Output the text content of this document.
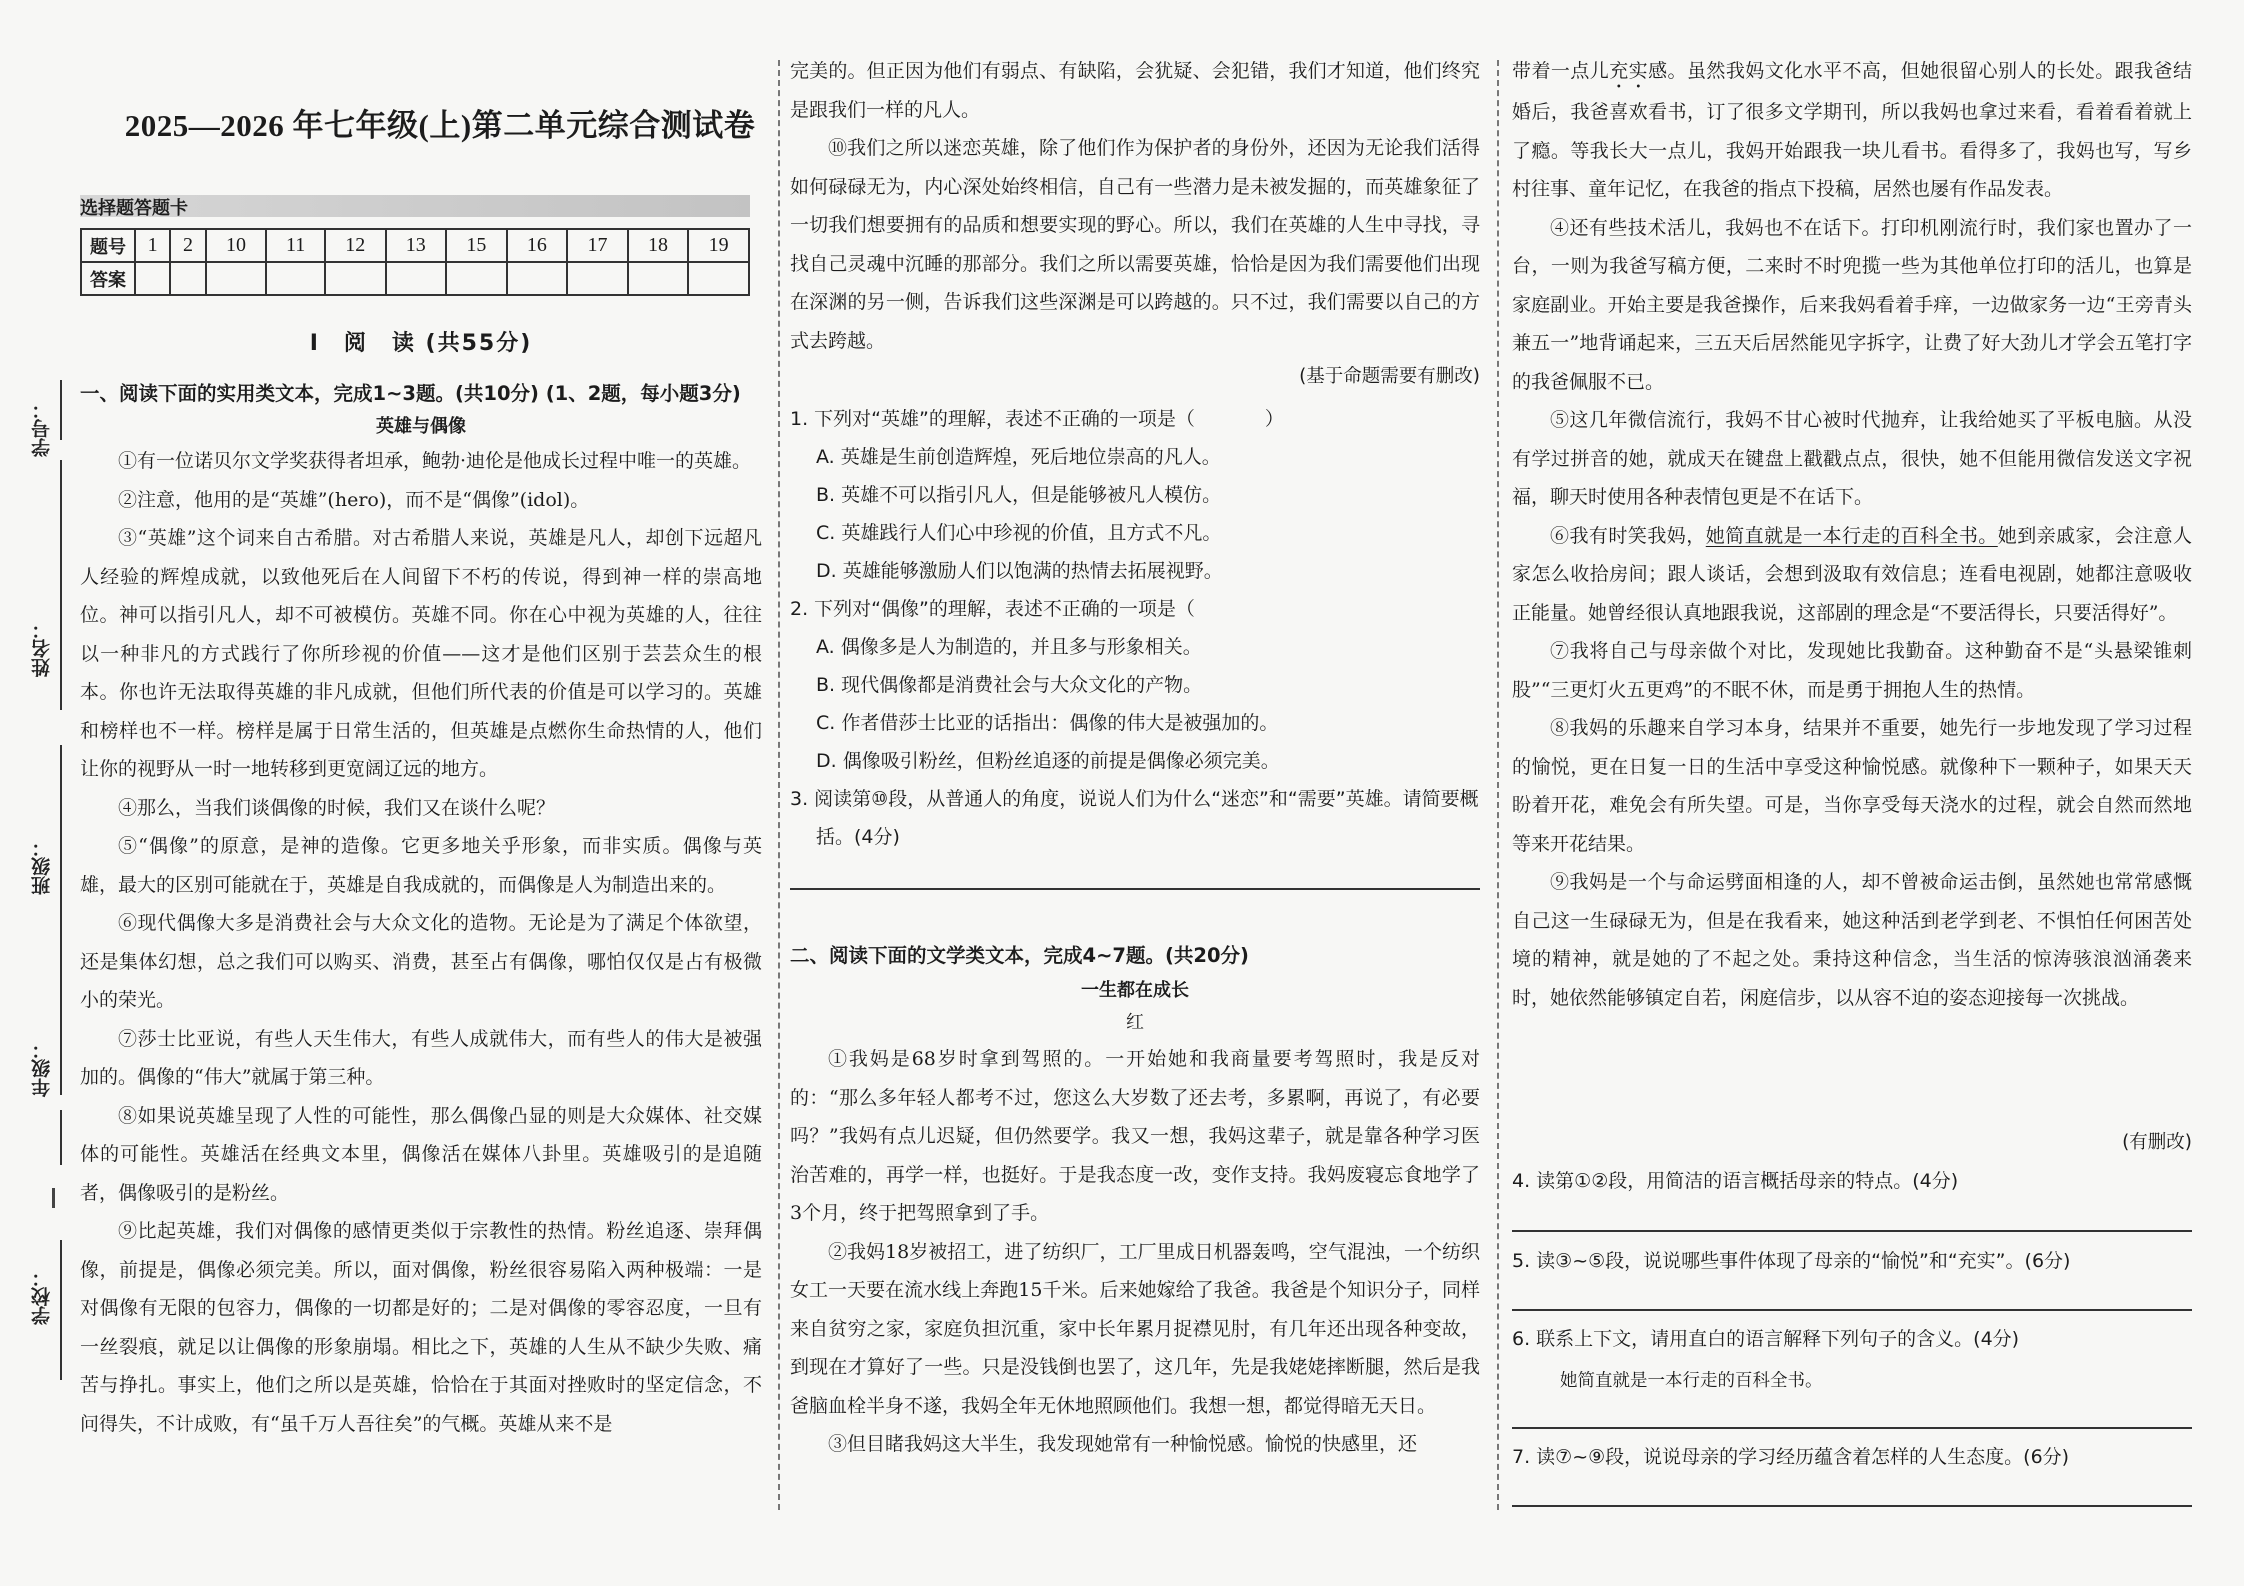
学号：
姓名：
班级：
年级：
学校：
2025—2026 年七年级(上)第二单元综合测试卷
选择题答题卡
题号	1	2	10	11	12	13	15	16	17	18	19
答案											
Ⅰ　阅　读 (共55分)
一、阅读下面的实用类文本，完成1~3题。(共10分) (1、2题，每小题3分)
英雄与偶像

①有一位诺贝尔文学奖获得者坦承，鲍勃·迪伦是他成长过程中唯一的英雄。

②注意，他用的是“英雄”(hero)，而不是“偶像”(idol)。

③“英雄”这个词来自古希腊。对古希腊人来说，英雄是凡人，却创下远超凡人经验的辉煌成就，以致他死后在人间留下不朽的传说，得到神一样的崇高地位。神可以指引凡人，却不可被模仿。英雄不同。你在心中视为英雄的人，往往以一种非凡的方式践行了你所珍视的价值——这才是他们区别于芸芸众生的根本。你也许无法取得英雄的非凡成就，但他们所代表的价值是可以学习的。英雄和榜样也不一样。榜样是属于日常生活的，但英雄是点燃你生命热情的人，他们让你的视野从一时一地转移到更宽阔辽远的地方。

④那么，当我们谈偶像的时候，我们又在谈什么呢？

⑤“偶像”的原意，是神的造像。它更多地关乎形象，而非实质。偶像与英雄，最大的区别可能就在于，英雄是自我成就的，而偶像是人为制造出来的。

⑥现代偶像大多是消费社会与大众文化的造物。无论是为了满足个体欲望，还是集体幻想，总之我们可以购买、消费，甚至占有偶像，哪怕仅仅是占有极微小的荣光。

⑦莎士比亚说，有些人天生伟大，有些人成就伟大，而有些人的伟大是被强加的。偶像的“伟大”就属于第三种。

⑧如果说英雄呈现了人性的可能性，那么偶像凸显的则是大众媒体、社交媒体的可能性。英雄活在经典文本里，偶像活在媒体八卦里。英雄吸引的是追随者，偶像吸引的是粉丝。

⑨比起英雄，我们对偶像的感情更类似于宗教性的热情。粉丝追逐、崇拜偶像，前提是，偶像必须完美。所以，面对偶像，粉丝很容易陷入两种极端：一是对偶像有无限的包容力，偶像的一切都是好的；二是对偶像的零容忍度，一旦有一丝裂痕，就足以让偶像的形象崩塌。相比之下，英雄的人生从不缺少失败、痛苦与挣扎。事实上，他们之所以是英雄，恰恰在于其面对挫败时的坚定信念，不问得失，不计成败，有“虽千万人吾往矣”的气概。英雄从来不是

完美的。但正因为他们有弱点、有缺陷，会犹疑、会犯错，我们才知道，他们终究是跟我们一样的凡人。

⑩我们之所以迷恋英雄，除了他们作为保护者的身份外，还因为无论我们活得如何碌碌无为，内心深处始终相信，自己有一些潜力是未被发掘的，而英雄象征了一切我们想要拥有的品质和想要实现的野心。所以，我们在英雄的人生中寻找，寻找自己灵魂中沉睡的那部分。我们之所以需要英雄，恰恰是因为我们需要他们出现在深渊的另一侧，告诉我们这些深渊是可以跨越的。只不过，我们需要以自己的方式去跨越。

(基于命题需要有删改)

1. 下列对“英雄”的理解，表述不正确的一项是（	）

A. 英雄是生前创造辉煌，死后地位崇高的凡人。

B. 英雄不可以指引凡人，但是能够被凡人模仿。

C. 英雄践行人们心中珍视的价值，且方式不凡。

D. 英雄能够激励人们以饱满的热情去拓展视野。

2. 下列对“偶像”的理解，表述不正确的一项是（

A. 偶像多是人为制造的，并且多与形象相关。

B. 现代偶像都是消费社会与大众文化的产物。

C. 作者借莎士比亚的话指出：偶像的伟大是被强加的。

D. 偶像吸引粉丝，但粉丝追逐的前提是偶像必须完美。

3. 阅读第⑩段，从普通人的角度，说说人们为什么“迷恋”和“需要”英雄。请简要概括。(4分)

二、阅读下面的文学类文本，完成4~7题。(共20分)
一生都在成长
红

①我妈是68岁时拿到驾照的。一开始她和我商量要考驾照时，我是反对的：“那么多年轻人都考不过，您这么大岁数了还去考，多累啊，再说了，有必要吗？”我妈有点儿迟疑，但仍然要学。我又一想，我妈这辈子，就是靠各种学习医治苦难的，再学一样，也挺好。于是我态度一改，变作支持。我妈废寝忘食地学了3个月，终于把驾照拿到了手。

②我妈18岁被招工，进了纺织厂，工厂里成日机器轰鸣，空气混浊，一个纺织女工一天要在流水线上奔跑15千米。后来她嫁给了我爸。我爸是个知识分子，同样来自贫穷之家，家庭负担沉重，家中长年累月捉襟见肘，有几年还出现各种变故，到现在才算好了一些。只是没钱倒也罢了，这几年，先是我姥姥摔断腿，然后是我爸脑血栓半身不遂，我妈全年无休地照顾他们。我想一想，都觉得暗无天日。

③但目睹我妈这大半生，我发现她常有一种愉悦感。愉悦的快感里，还

带着一点儿充实感。虽然我妈文化水平不高，但她很留心别人的长处。跟我爸结婚后，我爸喜欢看书，订了很多文学期刊，所以我妈也拿过来看，看着看着就上了瘾。等我长大一点儿，我妈开始跟我一块儿看书。看得多了，我妈也写，写乡村往事、童年记忆，在我爸的指点下投稿，居然也屡有作品发表。

④还有些技术活儿，我妈也不在话下。打印机刚流行时，我们家也置办了一台，一则为我爸写稿方便，二来时不时兜揽一些为其他单位打印的活儿，也算是家庭副业。开始主要是我爸操作，后来我妈看着手痒，一边做家务一边“王旁青头兼五一”地背诵起来，三五天后居然能见字拆字，让费了好大劲儿才学会五笔打字的我爸佩服不已。

⑤这几年微信流行，我妈不甘心被时代抛弃，让我给她买了平板电脑。从没有学过拼音的她，就成天在键盘上戳戳点点，很快，她不但能用微信发送文字祝福，聊天时使用各种表情包更是不在话下。

⑥我有时笑我妈，她简直就是一本行走的百科全书。她到亲戚家，会注意人家怎么收拾房间；跟人谈话，会想到汲取有效信息；连看电视剧，她都注意吸收正能量。她曾经很认真地跟我说，这部剧的理念是“不要活得长，只要活得好”。

⑦我将自己与母亲做个对比，发现她比我勤奋。这种勤奋不是“头悬梁锥刺股”“三更灯火五更鸡”的不眠不休，而是勇于拥抱人生的热情。

⑧我妈的乐趣来自学习本身，结果并不重要，她先行一步地发现了学习过程的愉悦，更在日复一日的生活中享受这种愉悦感。就像种下一颗种子，如果天天盼着开花，难免会有所失望。可是，当你享受每天浇水的过程，就会自然而然地等来开花结果。

⑨我妈是一个与命运劈面相逢的人，却不曾被命运击倒，虽然她也常常感慨自己这一生碌碌无为，但是在我看来，她这种活到老学到老、不惧怕任何困苦处境的精神，就是她的了不起之处。秉持这种信念，当生活的惊涛骇浪汹涌袭来时，她依然能够镇定自若，闲庭信步，以从容不迫的姿态迎接每一次挑战。

(有删改)
4. 读第①②段，用简洁的语言概括母亲的特点。(4分)
5. 读③~⑤段，说说哪些事件体现了母亲的“愉悦”和“充实”。(6分)
6. 联系上下文，请用直白的语言解释下列句子的含义。(4分)
她简直就是一本行走的百科全书。
7. 读⑦~⑨段，说说母亲的学习经历蕴含着怎样的人生态度。(6分)
